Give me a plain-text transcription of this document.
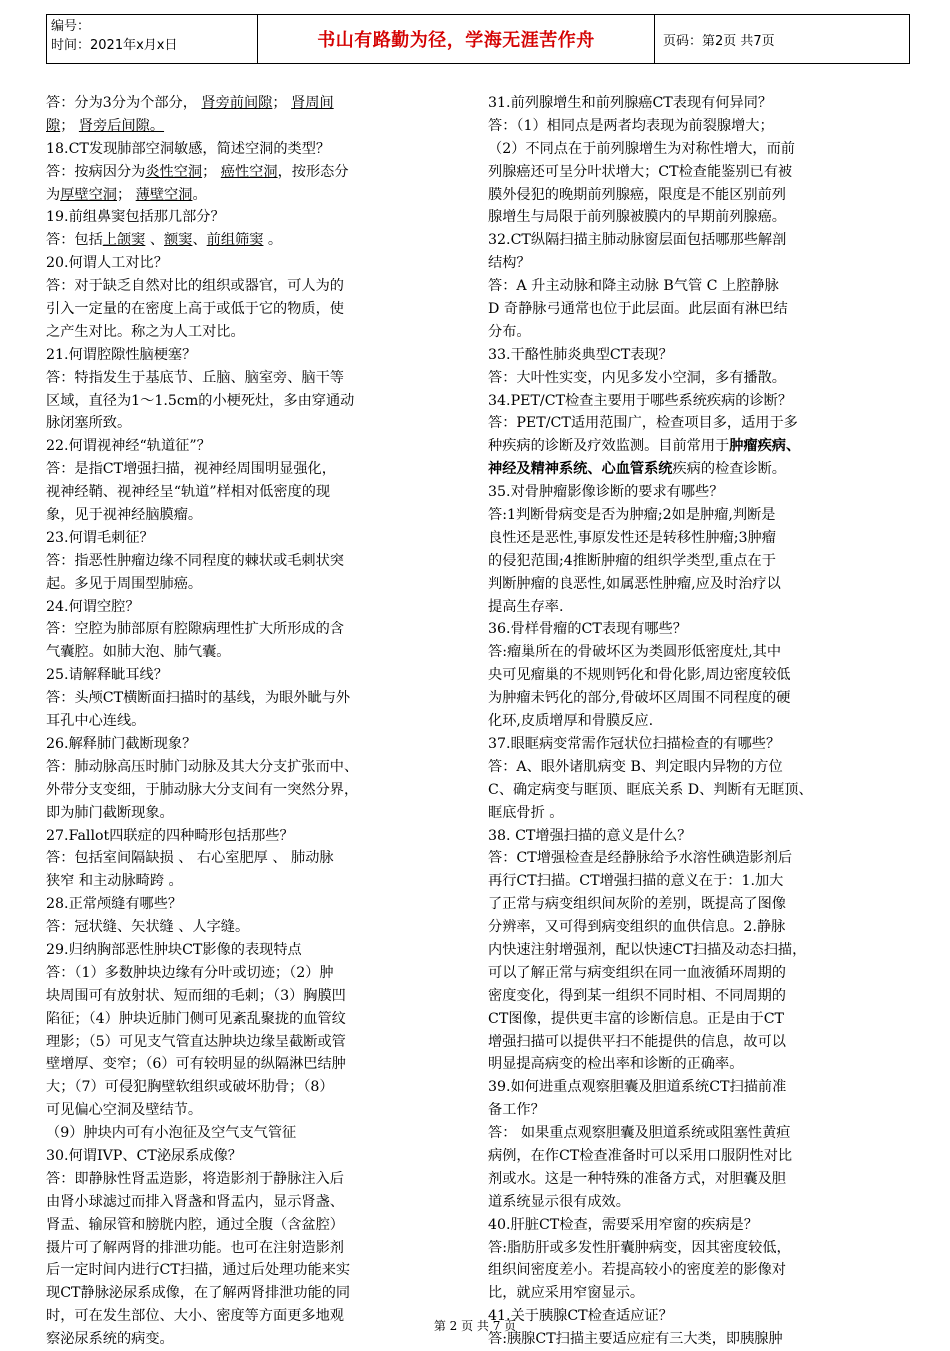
编号：
时间：2021年x月x日	书山有路勤为径，学海无涯苦作舟	页码：第2页 共7页
答：分为3分为个部分， 肾旁前间隙； 肾周间
隙； 肾旁后间隙。
18.CT发现肺部空洞敏感，简述空洞的类型？
答：按病因分为炎性空洞； 癌性空洞，按形态分
为厚壁空洞； 薄壁空洞。
19.前组鼻窦包括那几部分？
答：包括上颌窦 、额窦、前组筛窦 。
20.何谓人工对比？
答：对于缺乏自然对比的组织或器官，可人为的
引入一定量的在密度上高于或低于它的物质，使
之产生对比。称之为人工对比。
21.何谓腔隙性脑梗塞？
答：特指发生于基底节、丘脑、脑室旁、脑干等
区域，直径为1～1.5cm的小梗死灶，多由穿通动
脉闭塞所致。
22.何谓视神经“轨道征”？
答：是指CT增强扫描，视神经周围明显强化，
视神经鞘、视神经呈“轨道”样相对低密度的现
象，见于视神经脑膜瘤。
23.何谓毛刺征？
答：指恶性肿瘤边缘不同程度的棘状或毛刺状突
起。多见于周围型肺癌。
24.何谓空腔？
答：空腔为肺部原有腔隙病理性扩大所形成的含
气囊腔。如肺大泡、肺气囊。
25.请解释眦耳线？
答：头颅CT横断面扫描时的基线，为眼外眦与外
耳孔中心连线。
26.解释肺门截断现象？
答：肺动脉高压时肺门动脉及其大分支扩张而中、
外带分支变细，于肺动脉大分支间有一突然分界，
即为肺门截断现象。
27.Fallot四联症的四种畸形包括那些？
答：包括室间隔缺损 、 右心室肥厚 、 肺动脉
狭窄 和主动脉畸跨 。
28.正常颅缝有哪些？
答：冠状缝、矢状缝 、人字缝。
29.归纳胸部恶性肿块CT影像的表现特点
答：（1）多数肿块边缘有分叶或切迹；（2）肿
块周围可有放射状、短而细的毛刺；（3）胸膜凹
陷征；（4）肿块近肺门侧可见紊乱聚拢的血管纹
理影；（5）可见支气管直达肿块边缘呈截断或管
壁增厚、变窄；（6）可有较明显的纵隔淋巴结肿
大；（7）可侵犯胸壁软组织或破坏肋骨；（8）
可见偏心空洞及壁结节。
（9）肿块内可有小泡征及空气支气管征
30.何谓IVP、CT泌尿系成像？
答：即静脉性肾盂造影，将造影剂于静脉注入后
由肾小球滤过而排入肾盏和肾盂内，显示肾盏、
肾盂、输尿管和膀胱内腔，通过全腹（含盆腔）
摄片可了解两肾的排泄功能。也可在注射造影剂
后一定时间内进行CT扫描，通过后处理功能来实
现CT静脉泌尿系成像，在了解两肾排泄功能的同
时，可在发生部位、大小、密度等方面更多地观
察泌尿系统的病变。
31.前列腺增生和前列腺癌CT表现有何异同？
答：（1）相同点是两者均表现为前裂腺增大；
（2）不同点在于前列腺增生为对称性增大，而前
列腺癌还可呈分叶状增大；CT检查能鉴别已有被
膜外侵犯的晚期前列腺癌，限度是不能区别前列
腺增生与局限于前列腺被膜内的早期前列腺癌。
32.CT纵隔扫描主肺动脉窗层面包括哪那些解剖
结构？
答：A 升主动脉和降主动脉 B气管 C 上腔静脉
D 奇静脉弓通常也位于此层面。此层面有淋巴结
分布。
33.干酪性肺炎典型CT表现？
答：大叶性实变，内见多发小空洞，多有播散。
34.PET/CT检查主要用于哪些系统疾病的诊断？
答：PET/CT适用范围广，检查项目多，适用于多
种疾病的诊断及疗效监测。目前常用于肿瘤疾病、
神经及精神系统、心血管系统疾病的检查诊断。
35.对骨肿瘤影像诊断的要求有哪些？
答:1判断骨病变是否为肿瘤;2如是肿瘤,判断是
良性还是恶性,事原发性还是转移性肿瘤;3肿瘤
的侵犯范围;4推断肿瘤的组织学类型,重点在于
判断肿瘤的良恶性,如属恶性肿瘤,应及时治疗以
提高生存率.
36.骨样骨瘤的CT表现有哪些？
答:瘤巢所在的骨破坏区为类圆形低密度灶,其中
央可见瘤巢的不规则钙化和骨化影,周边密度较低
为肿瘤未钙化的部分,骨破坏区周围不同程度的硬
化环,皮质增厚和骨膜反应.
37.眼眶病变常需作冠状位扫描检查的有哪些？
答：A、眼外诸肌病变 B、判定眼内异物的方位
C、确定病变与眶顶、眶底关系 D、判断有无眶顶、
眶底骨折 。
38. CT增强扫描的意义是什么？
答：CT增强检查是经静脉给予水溶性碘造影剂后
再行CT扫描。CT增强扫描的意义在于：1.加大
了正常与病变组织间灰阶的差别，既提高了图像
分辨率，又可得到病变组织的血供信息。2.静脉
内快速注射增强剂，配以快速CT扫描及动态扫描，
可以了解正常与病变组织在同一血液循环周期的
密度变化，得到某一组织不同时相、不同周期的
CT图像，提供更丰富的诊断信息。正是由于CT
增强扫描可以提供平扫不能提供的信息，故可以
明显提高病变的检出率和诊断的正确率。
39.如何进重点观察胆囊及胆道系统CT扫描前准
备工作？
答： 如果重点观察胆囊及胆道系统或阻塞性黄疸
病例，在作CT检查准备时可以采用口服阴性对比
剂或水。这是一种特殊的准备方式，对胆囊及胆
道系统显示很有成效。
40.肝脏CT检查，需要采用窄窗的疾病是？
答:脂肪肝或多发性肝囊肿病变，因其密度较低，
组织间密度差小。若提高较小的密度差的影像对
比，就应采用窄窗显示。
41.关于胰腺CT检查适应证？
答:胰腺CT扫描主要适应症有三大类，即胰腺肿
第 2 页 共 7 页
